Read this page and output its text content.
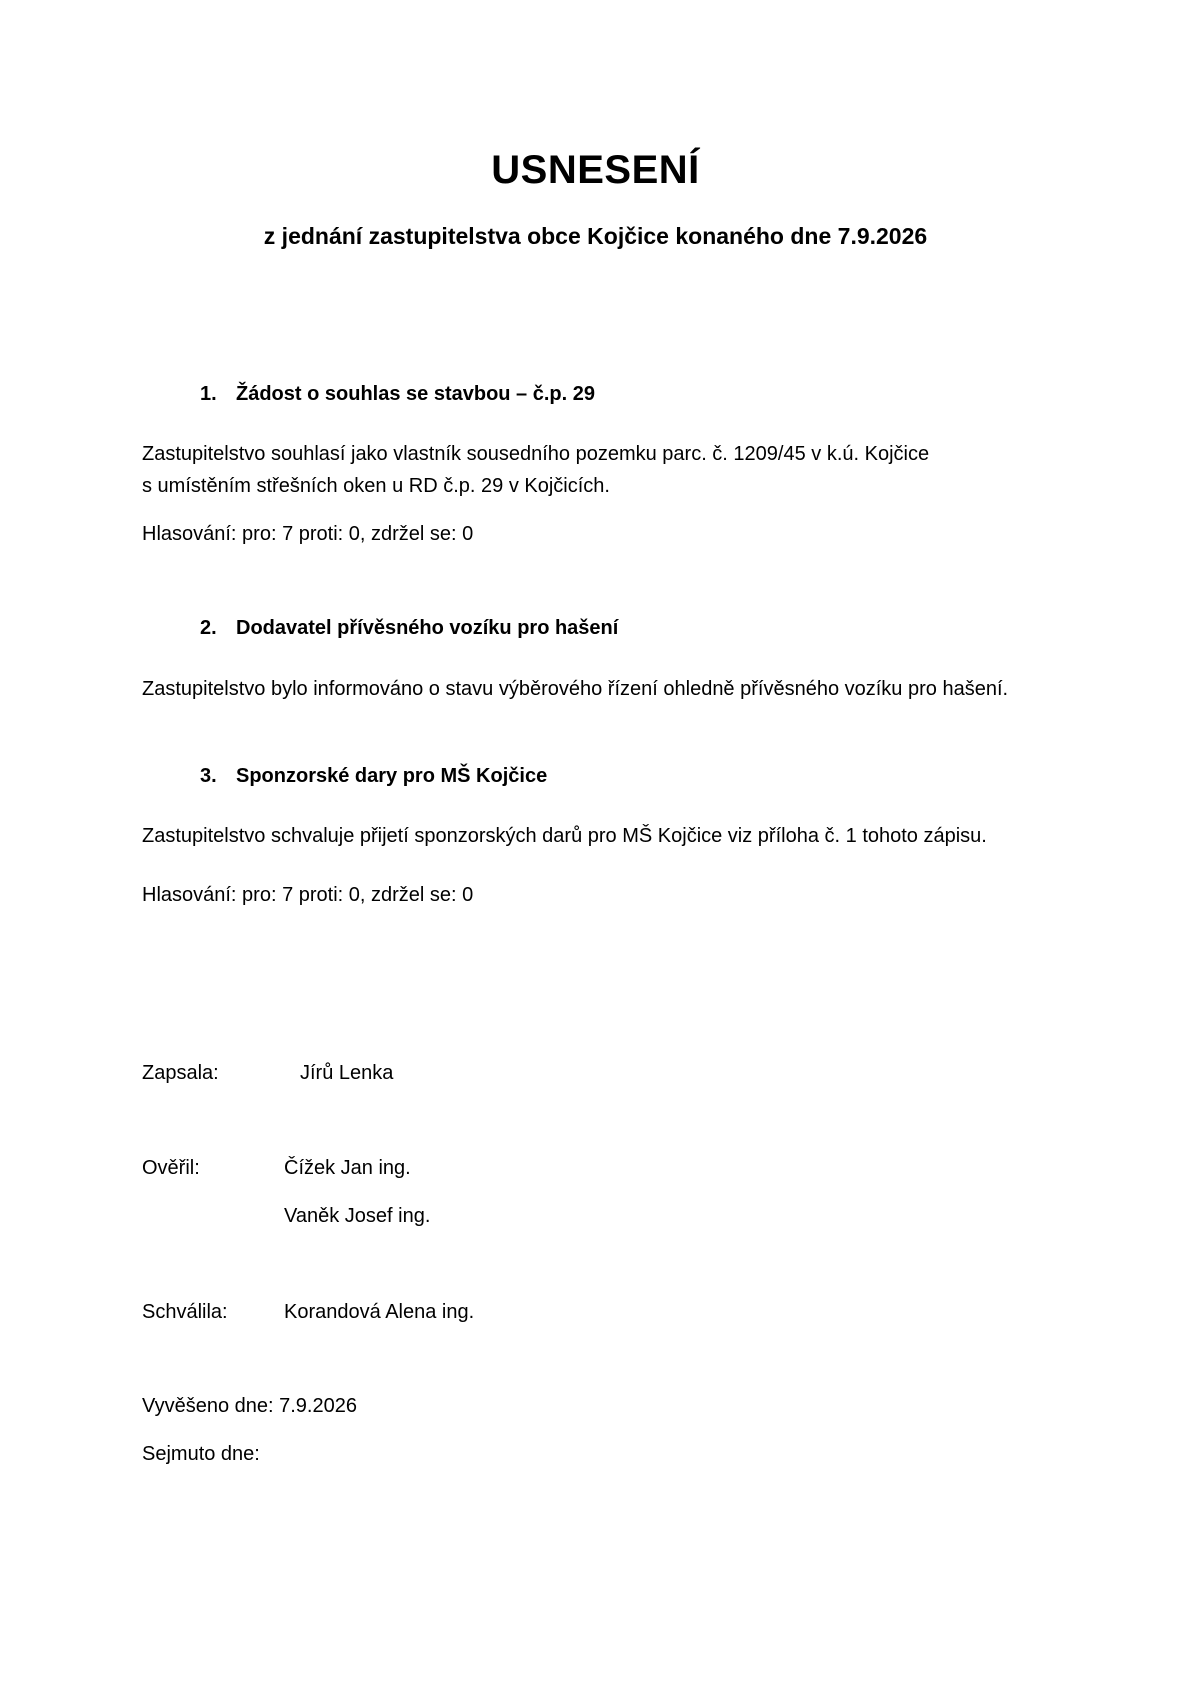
USNESENÍ
z jednání zastupitelstva obce Kojčice konaného dne 7.9.2026
1. Žádost o souhlas se stavbou – č.p. 29
Zastupitelstvo souhlasí jako vlastník sousedního pozemku parc. č. 1209/45 v k.ú. Kojčice
s umístěním střešních oken u RD č.p. 29 v Kojčicích.
Hlasování: pro: 7 proti: 0, zdržel se: 0
2. Dodavatel přívěsného vozíku pro hašení
Zastupitelstvo bylo informováno o stavu výběrového řízení ohledně přívěsného vozíku pro hašení.
3. Sponzorské dary pro MŠ Kojčice
Zastupitelstvo schvaluje přijetí sponzorských darů pro MŠ Kojčice viz příloha č. 1 tohoto zápisu.
Hlasování: pro: 7 proti: 0, zdržel se: 0
Zapsala:	Jírů Lenka
Ověřil:	Čížek Jan ing.
Vaněk Josef ing.
Schválila:	Korandová Alena ing.
Vyvěšeno dne: 7.9.2026
Sejmuto dne:
